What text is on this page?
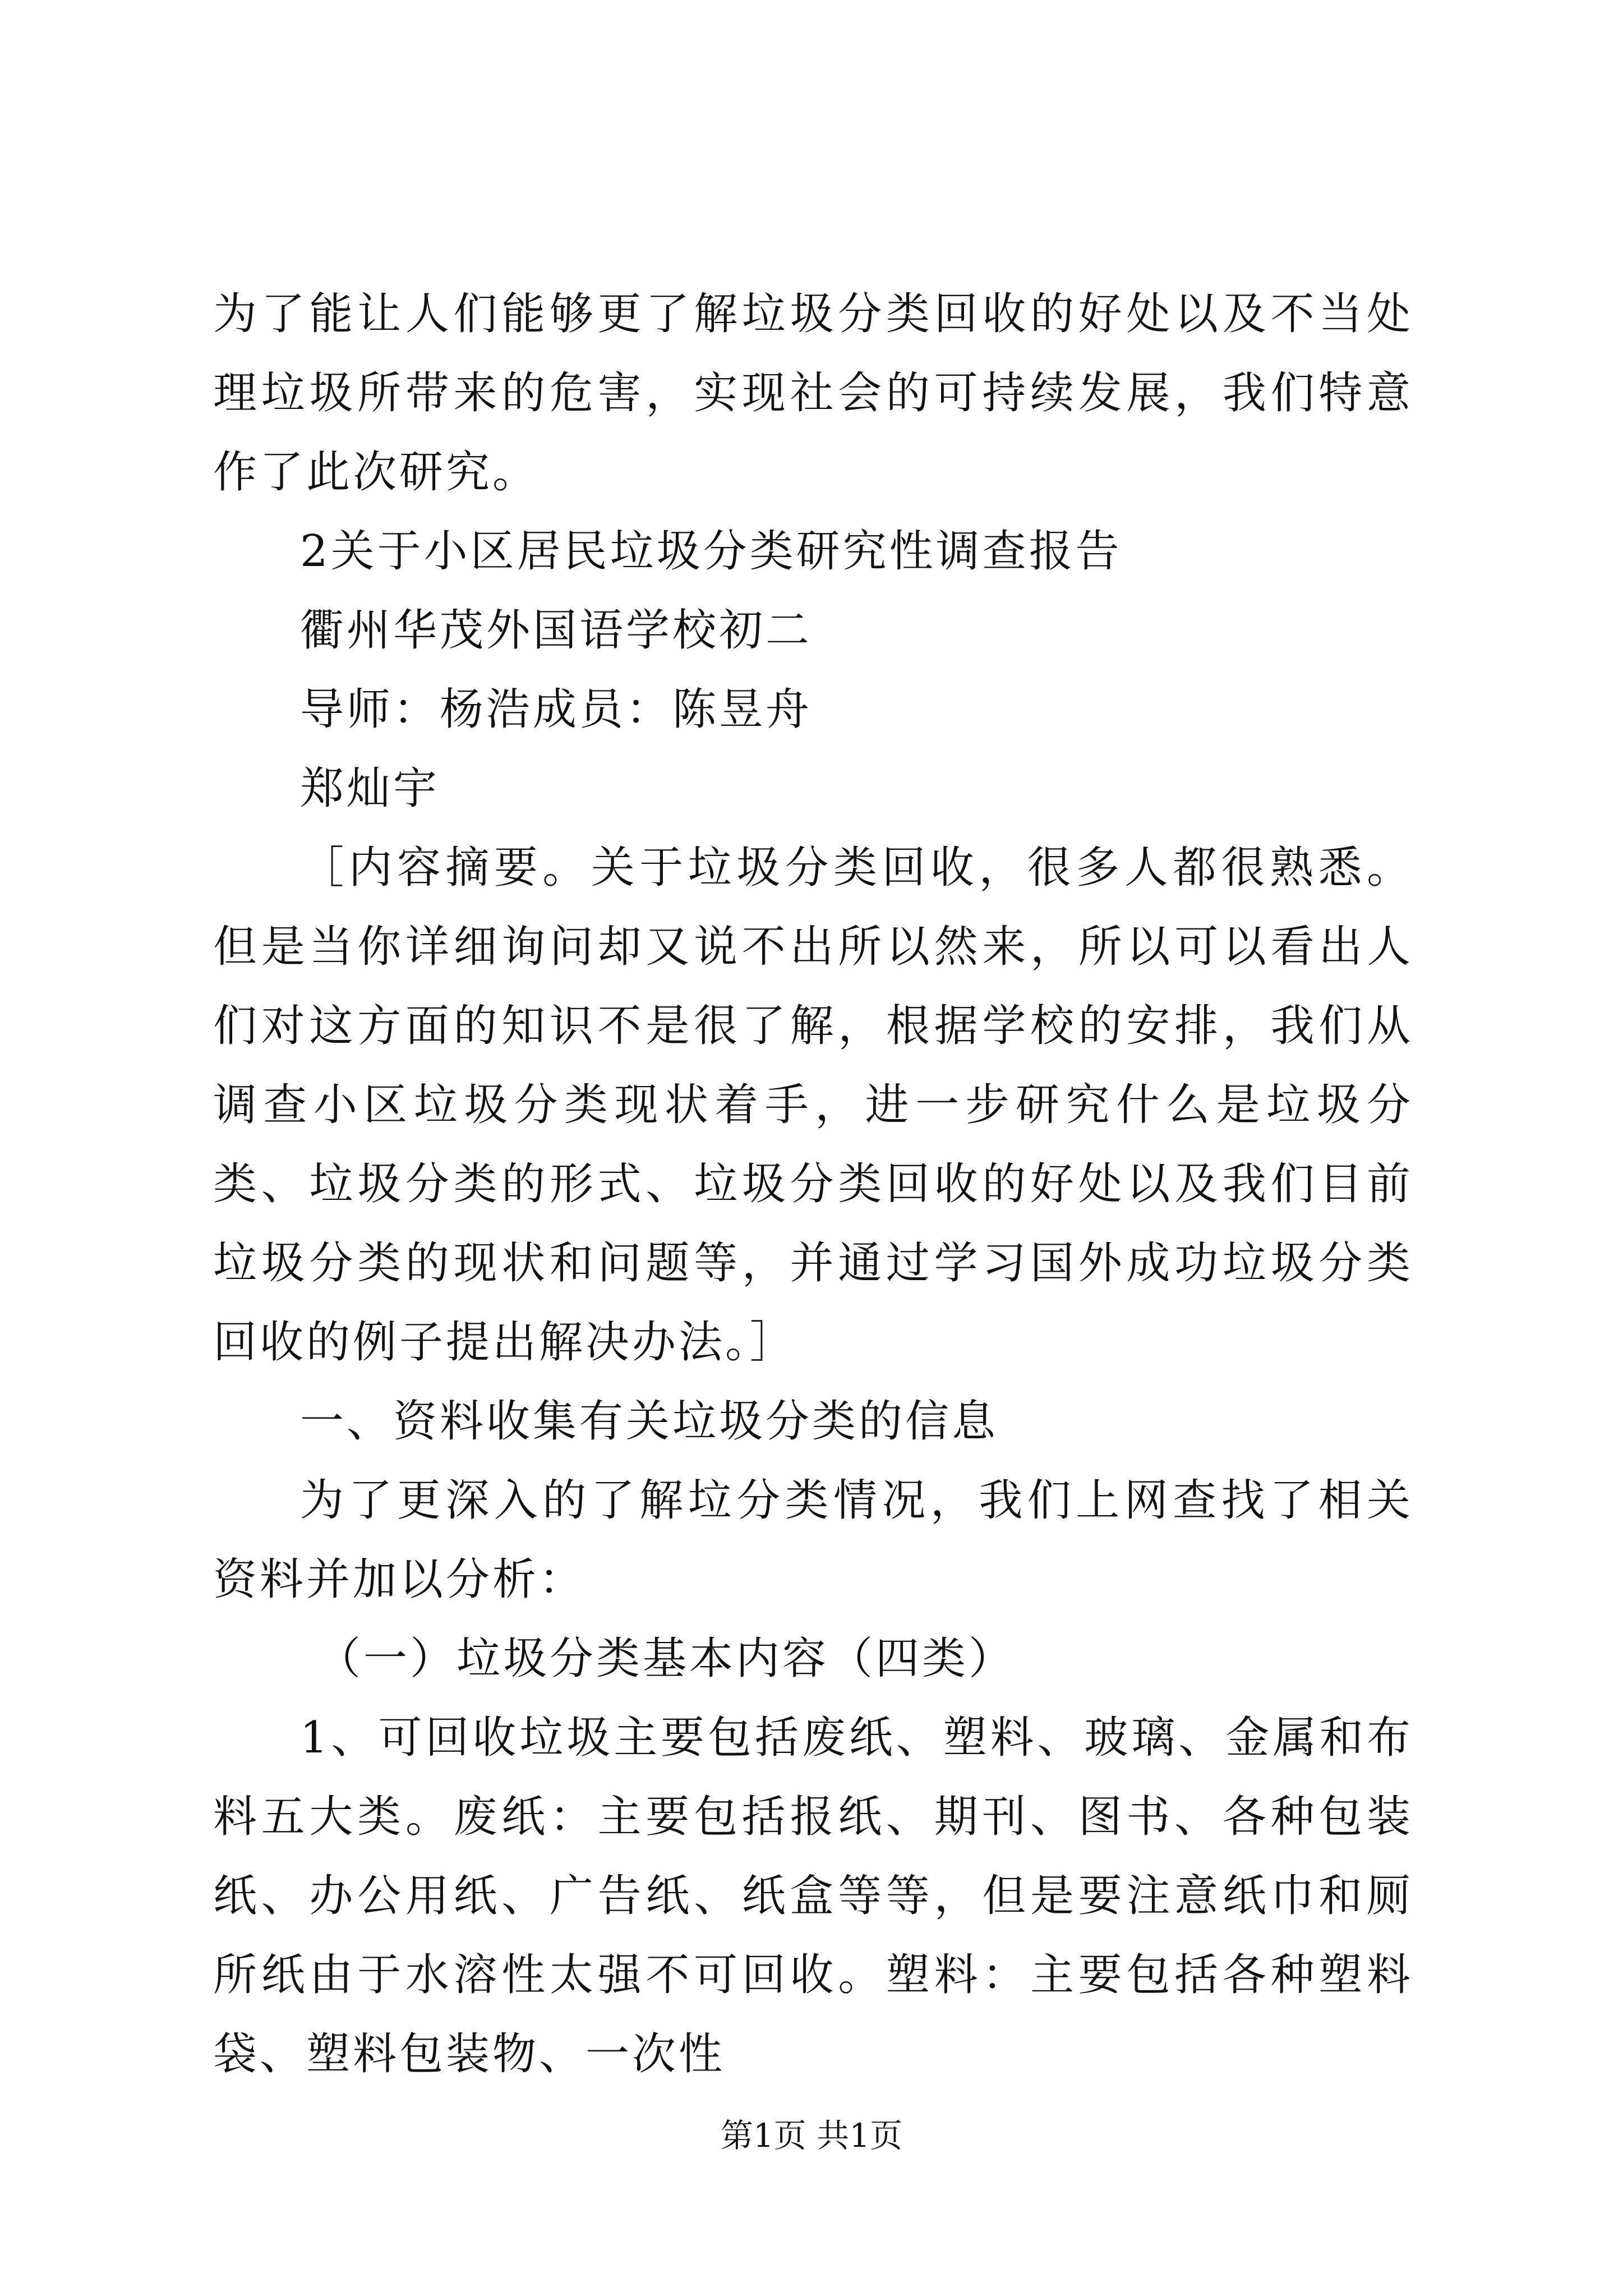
为了能让人们能够更了解垃圾分类回收的好处以及不当处理垃圾所带来的危害，实现社会的可持续发展，我们特意作了此次研究。

2关于小区居民垃圾分类研究性调查报告

衢州华茂外国语学校初二

导师：杨浩成员：陈昱舟

郑灿宇

［内容摘要。关于垃圾分类回收，很多人都很熟悉。但是当你详细询问却又说不出所以然来，所以可以看出人们对这方面的知识不是很了解，根据学校的安排，我们从调查小区垃圾分类现状着手，进一步研究什么是垃圾分类、垃圾分类的形式、垃圾分类回收的好处以及我们目前垃圾分类的现状和问题等，并通过学习国外成功垃圾分类回收的例子提出解决办法。］

一、资料收集有关垃圾分类的信息

为了更深入的了解垃分类情况，我们上网查找了相关资料并加以分析：

（一）垃圾分类基本内容（四类）

1、可回收垃圾主要包括废纸、塑料、玻璃、金属和布料五大类。废纸：主要包括报纸、期刊、图书、各种包装纸、办公用纸、广告纸、纸盒等等，但是要注意纸巾和厕所纸由于水溶性太强不可回收。塑料：主要包括各种塑料袋、塑料包装物、一次性

第1页 共1页
